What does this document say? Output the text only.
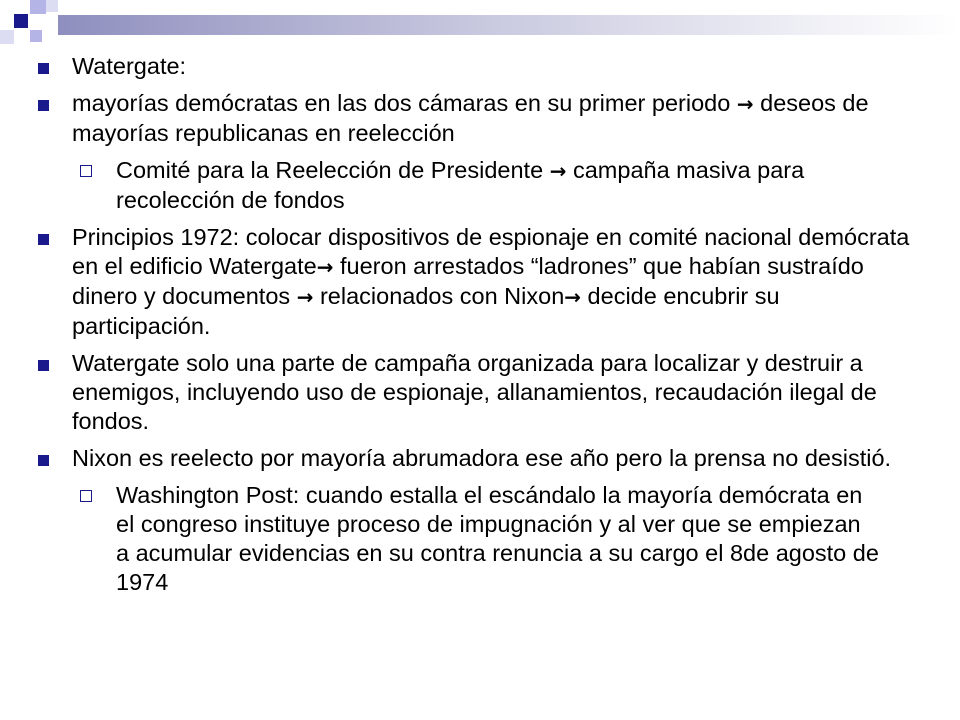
Watergate:
mayorías demócratas en las dos cámaras en su primer periodo → deseos de mayorías republicanas en reelección
Comité para la Reelección de Presidente → campaña masiva para recolección de fondos
Principios 1972: colocar dispositivos de espionaje en comité nacional demócrata en el edificio Watergate→ fueron arrestados “ladrones” que habían sustraído dinero y documentos → relacionados con Nixon→ decide encubrir su participación.
Watergate solo una parte de campaña organizada para localizar y destruir a enemigos, incluyendo uso de espionaje, allanamientos, recaudación ilegal de fondos.
Nixon es reelecto por mayoría abrumadora ese año pero la prensa no desistió.
Washington Post: cuando estalla el escándalo la mayoría demócrata en el congreso instituye proceso de impugnación y al ver que se empiezan a acumular evidencias en su contra renuncia a su cargo el 8de agosto de 1974
